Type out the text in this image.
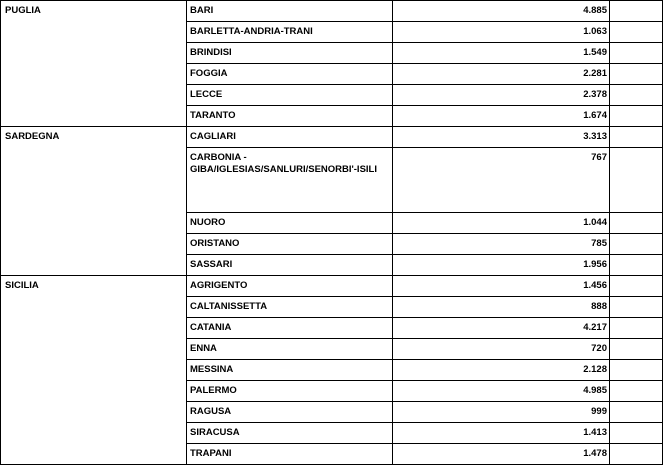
PUGLIA	BARI	4.885	
	BARLETTA-ANDRIA-TRANI	1.063	
	BRINDISI	1.549	
	FOGGIA	2.281	
	LECCE	2.378	
	TARANTO	1.674	
SARDEGNA	CAGLIARI	3.313	
	CARBONIA - GIBA/IGLESIAS/SANLURI/SENORBI'-ISILI	767	
	NUORO	1.044	
	ORISTANO	785	
	SASSARI	1.956	
SICILIA	AGRIGENTO	1.456	
	CALTANISSETTA	888	
	CATANIA	4.217	
	ENNA	720	
	MESSINA	2.128	
	PALERMO	4.985	
	RAGUSA	999	
	SIRACUSA	1.413	
	TRAPANI	1.478	
